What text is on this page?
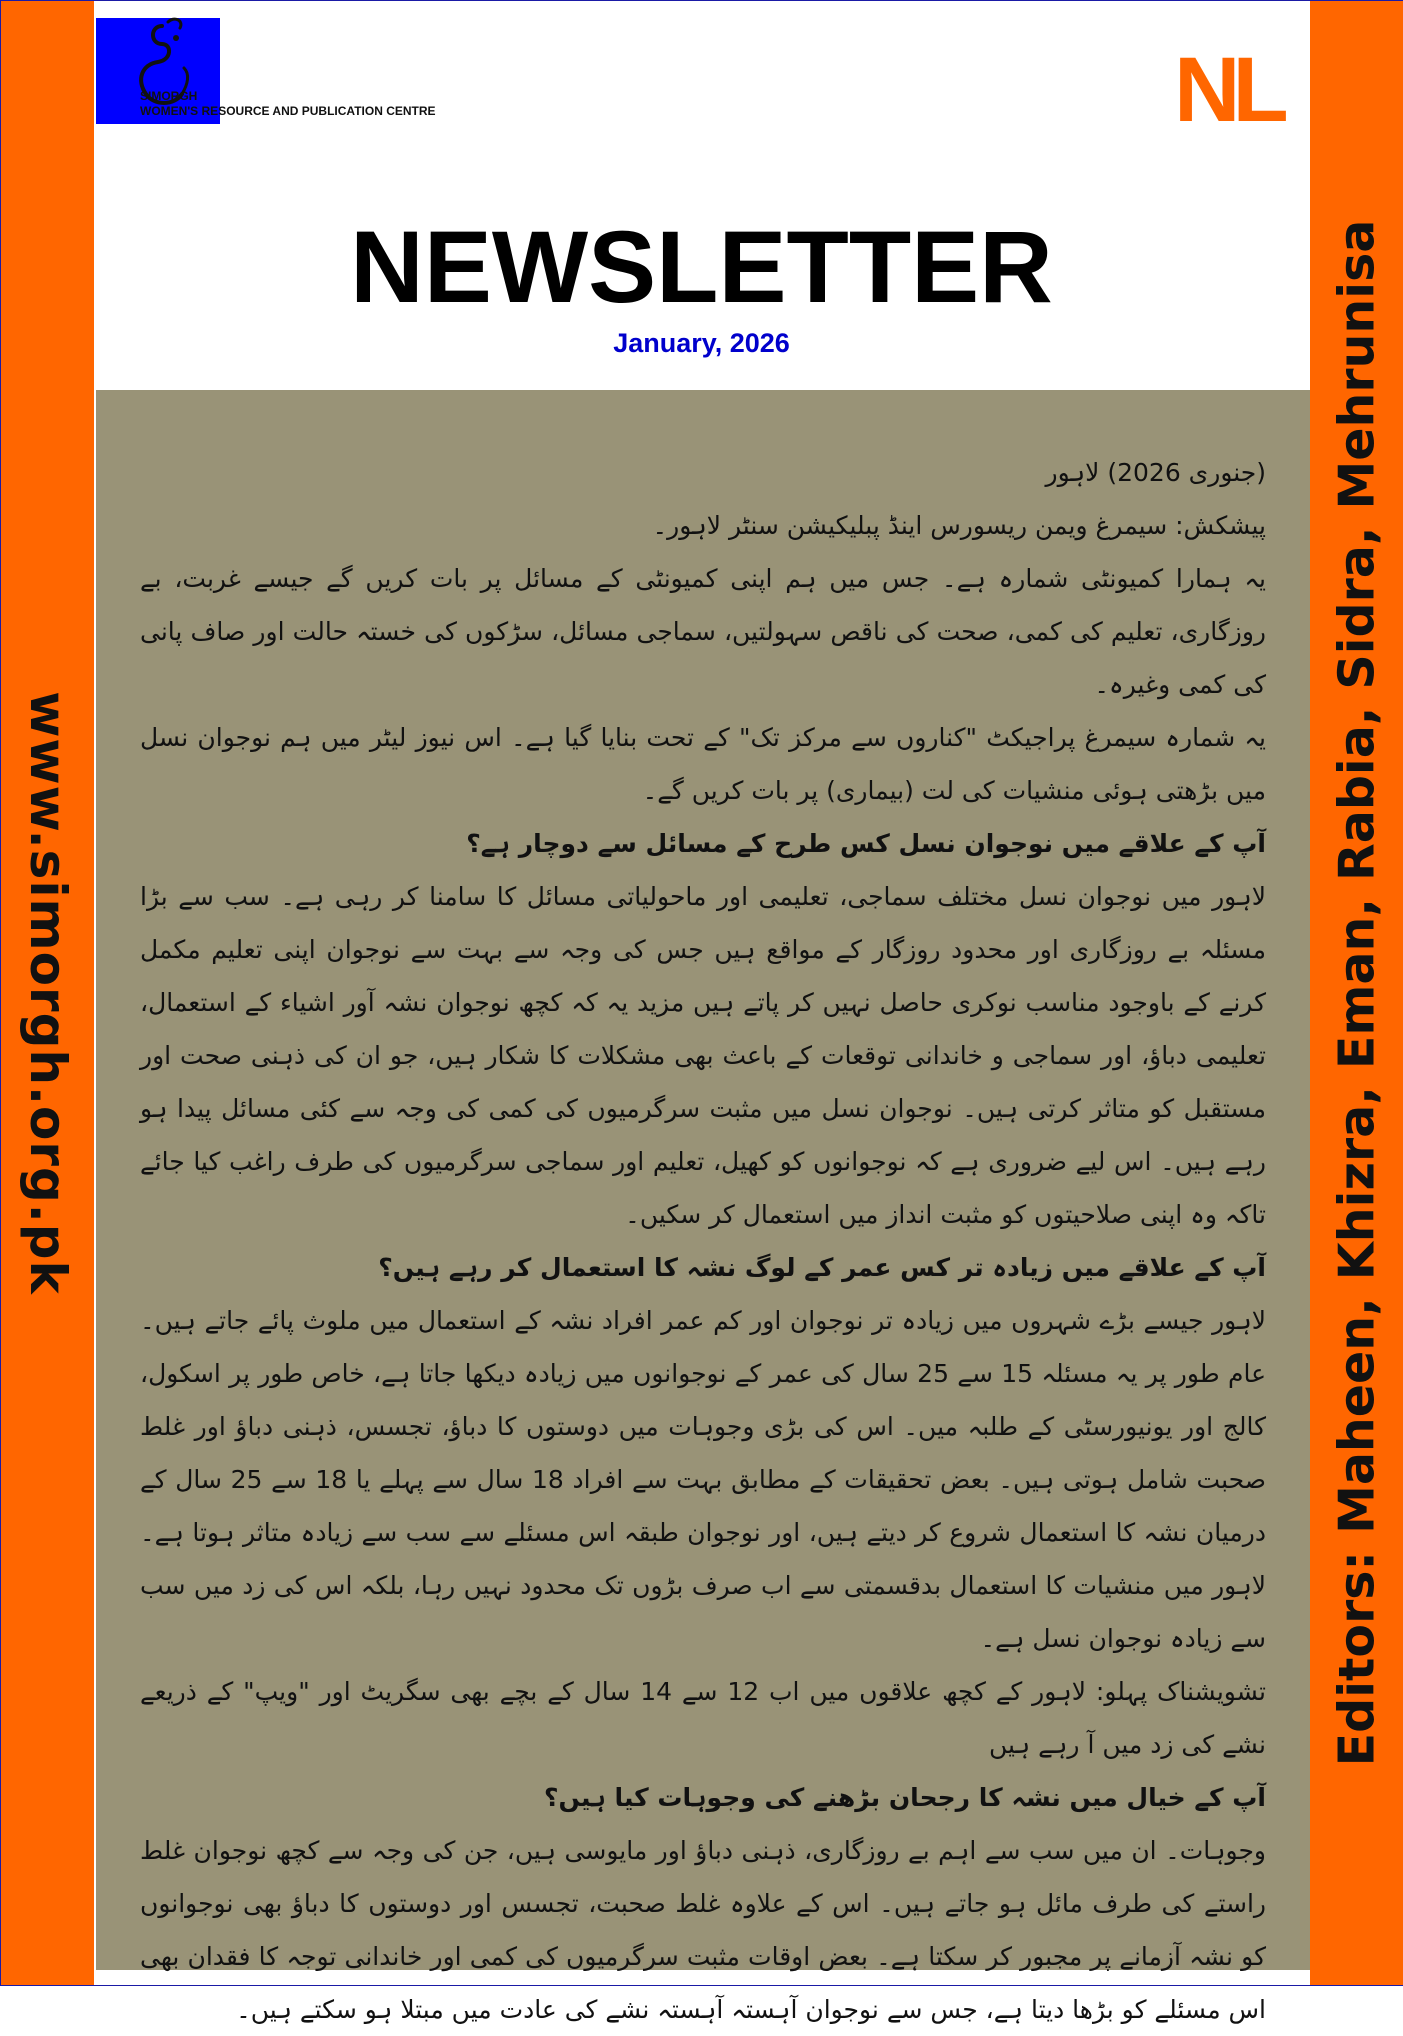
www.simorgh.org.pk	Editors: Maheen, Khizra, Eman, Rabia, Sidra, Mehrunisa
SIMORGH
WOMEN'S RESOURCE AND PUBLICATION CENTRE	NL
NEWSLETTER
January, 2026

(جنوری 2026) لاہور

پیشکش: سیمرغ ویمن ریسورس اینڈ پبلیکیشن سنٹر لاہور۔

یہ ہمارا کمیونٹی شمارہ ہے۔ جس میں ہم اپنی کمیونٹی کے مسائل پر بات کریں گے جیسے غربت، بے روزگاری، تعلیم کی کمی، صحت کی ناقص سہولتیں، سماجی مسائل، سڑکوں کی خستہ حالت اور صاف پانی کی کمی وغیرہ۔

یہ شمارہ سیمرغ پراجیکٹ "کناروں سے مرکز تک" کے تحت بنایا گیا ہے۔ اس نیوز لیٹر میں ہم نوجوان نسل میں بڑھتی ہوئی منشیات کی لت (بیماری) پر بات کریں گے۔

آپ کے علاقے میں نوجوان نسل کس طرح کے مسائل سے دوچار ہے؟

لاہور میں نوجوان نسل مختلف سماجی، تعلیمی اور ماحولیاتی مسائل کا سامنا کر رہی ہے۔ سب سے بڑا مسئلہ بے روزگاری اور محدود روزگار کے مواقع ہیں جس کی وجہ سے بہت سے نوجوان اپنی تعلیم مکمل کرنے کے باوجود مناسب نوکری حاصل نہیں کر پاتے ہیں مزید یہ کہ کچھ نوجوان نشہ آور اشیاء کے استعمال، تعلیمی دباؤ، اور سماجی و خاندانی توقعات کے باعث بھی مشکلات کا شکار ہیں، جو ان کی ذہنی صحت اور مستقبل کو متاثر کرتی ہیں۔ نوجوان نسل میں مثبت سرگرمیوں کی کمی کی وجہ سے کئی مسائل پیدا ہو رہے ہیں۔ اس لیے ضروری ہے کہ نوجوانوں کو کھیل، تعلیم اور سماجی سرگرمیوں کی طرف راغب کیا جائے تاکہ وہ اپنی صلاحیتوں کو مثبت انداز میں استعمال کر سکیں۔

آپ کے علاقے میں زیادہ تر کس عمر کے لوگ نشہ کا استعمال کر رہے ہیں؟

لاہور جیسے بڑے شہروں میں زیادہ تر نوجوان اور کم عمر افراد نشہ کے استعمال میں ملوث پائے جاتے ہیں۔ عام طور پر یہ مسئلہ 15 سے 25 سال کی عمر کے نوجوانوں میں زیادہ دیکھا جاتا ہے، خاص طور پر اسکول، کالج اور یونیورسٹی کے طلبہ میں۔ اس کی بڑی وجوہات میں دوستوں کا دباؤ، تجسس، ذہنی دباؤ اور غلط صحبت شامل ہوتی ہیں۔ بعض تحقیقات کے مطابق بہت سے افراد 18 سال سے پہلے یا 18 سے 25 سال کے درمیان نشہ کا استعمال شروع کر دیتے ہیں، اور نوجوان طبقہ اس مسئلے سے سب سے زیادہ متاثر ہوتا ہے۔ لاہور میں منشیات کا استعمال بدقسمتی سے اب صرف بڑوں تک محدود نہیں رہا، بلکہ اس کی زد میں سب سے زیادہ نوجوان نسل ہے۔

تشویشناک پہلو: لاہور کے کچھ علاقوں میں اب 12 سے 14 سال کے بچے بھی سگریٹ اور "ویپ" کے ذریعے نشے کی زد میں آ رہے ہیں

آپ کے خیال میں نشہ کا رجحان بڑھنے کی وجوہات کیا ہیں؟

وجوہات۔ ان میں سب سے اہم بے روزگاری، ذہنی دباؤ اور مایوسی ہیں، جن کی وجہ سے کچھ نوجوان غلط راستے کی طرف مائل ہو جاتے ہیں۔ اس کے علاوہ غلط صحبت، تجسس اور دوستوں کا دباؤ بھی نوجوانوں کو نشہ آزمانے پر مجبور کر سکتا ہے۔ بعض اوقات مثبت سرگرمیوں کی کمی اور خاندانی توجہ کا فقدان بھی اس مسئلے کو بڑھا دیتا ہے، جس سے نوجوان آہستہ آہستہ نشے کی عادت میں مبتلا ہو سکتے ہیں۔
